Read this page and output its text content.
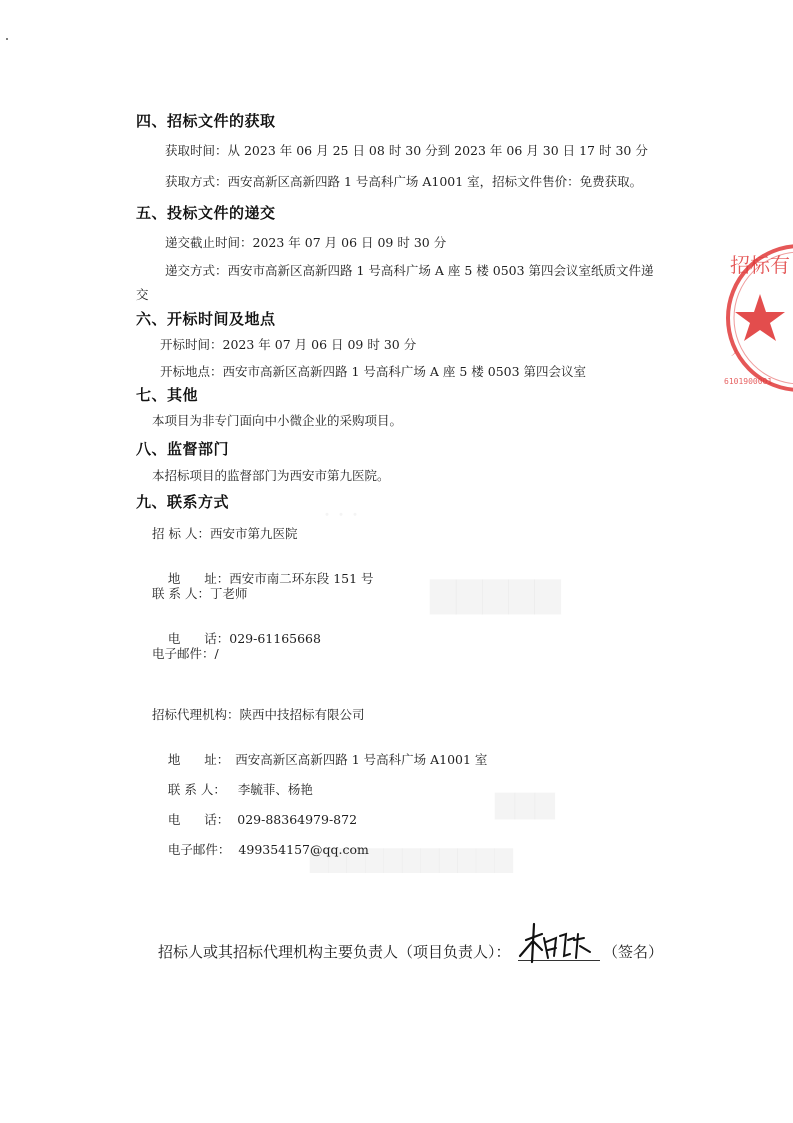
四、招标文件的获取
获取时间：从 2023 年 06 月 25 日 08 时 30 分到 2023 年 06 月 30 日 17 时 30 分
获取方式：西安高新区高新四路 1 号高科广场 A1001 室，招标文件售价：免费获取。
五、投标文件的递交
递交截止时间：2023 年 07 月 06 日 09 时 30 分
递交方式：西安市高新区高新四路 1 号高科广场 A 座 5 楼 0503 第四会议室纸质文件递
交
六、开标时间及地点
开标时间：2023 年 07 月 06 日 09 时 30 分
开标地点：西安市高新区高新四路 1 号高科广场 A 座 5 楼 0503 第四会议室
七、其他
本项目为非专门面向中小微企业的采购项目。
八、监督部门
本招标项目的监督部门为西安市第九医院。
九、联系方式
招 标 人：西安市第九医院

地      址：西安市南二环东段 151 号

联 系 人：丁老师

电      话：029-61165668

电子邮件：/
招标代理机构：陕西中技招标有限公司

地      址： 西安高新区高新四路 1 号高科广场 A1001 室

联 系 人： 李毓菲、杨艳

电      话： 029-88364979-872

电子邮件： 499354157@qq.com

招标人或其招标代理机构主要负责人（项目负责人）：	（签名）
招标有
6101900001
ノ
